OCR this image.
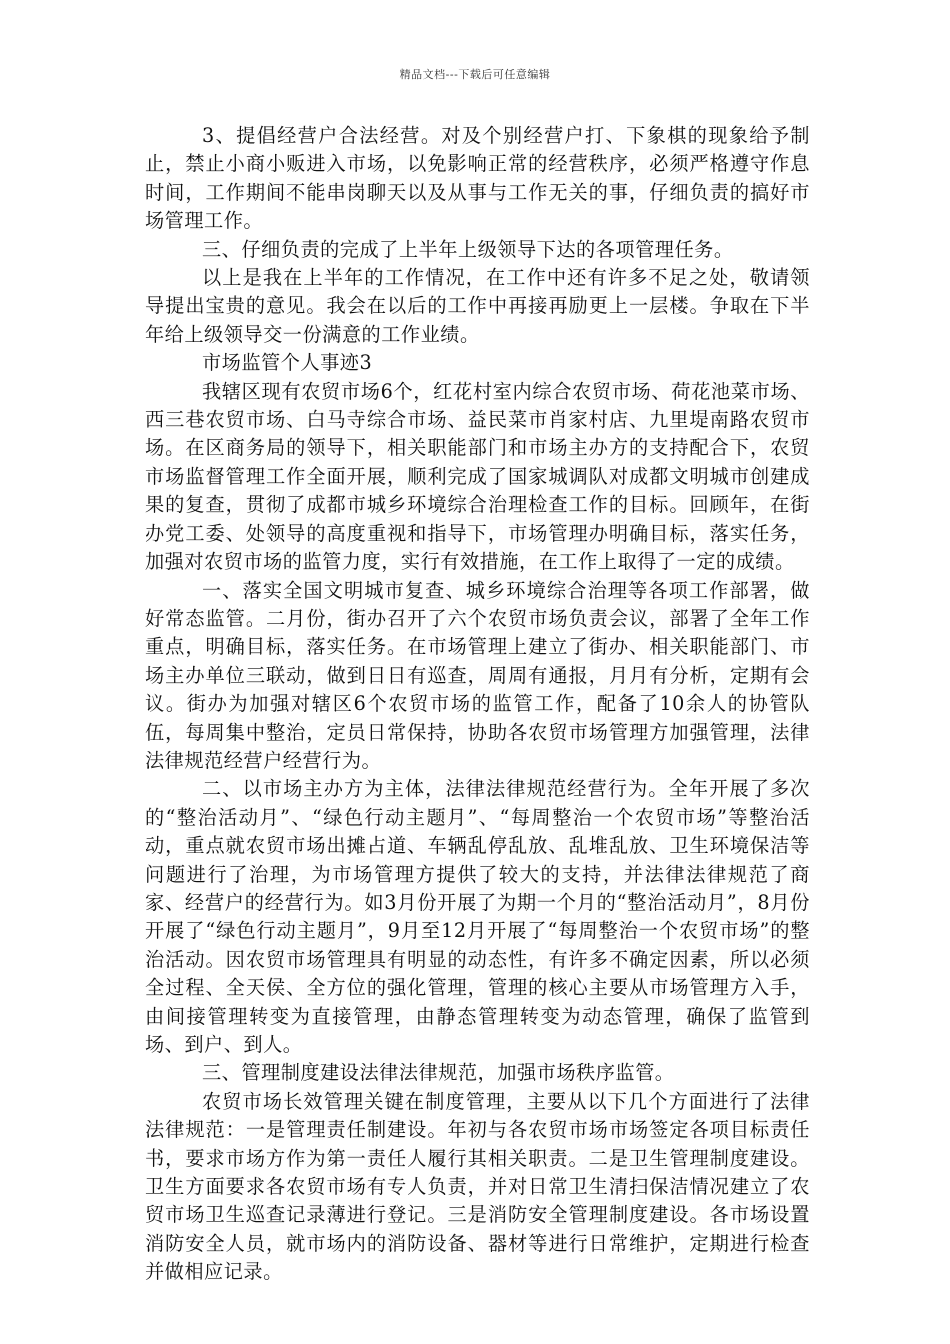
精品文档---下载后可任意编辑

3、提倡经营户合法经营。对及个别经营户打、下象棋的现象给予制止，禁止小商小贩进入市场，以免影响正常的经营秩序，必须严格遵守作息时间，工作期间不能串岗聊天以及从事与工作无关的事，仔细负责的搞好市场管理工作。

三、仔细负责的完成了上半年上级领导下达的各项管理任务。

以上是我在上半年的工作情况，在工作中还有许多不足之处，敬请领导提出宝贵的意见。我会在以后的工作中再接再励更上一层楼。争取在下半年给上级领导交一份满意的工作业绩。

市场监管个人事迹3

我辖区现有农贸市场6个，红花村室内综合农贸市场、荷花池菜市场、西三巷农贸市场、白马寺综合市场、益民菜市肖家村店、九里堤南路农贸市场。在区商务局的领导下，相关职能部门和市场主办方的支持配合下，农贸市场监督管理工作全面开展，顺利完成了国家城调队对成都文明城市创建成果的复查，贯彻了成都市城乡环境综合治理检查工作的目标。回顾年，在街办党工委、处领导的高度重视和指导下，市场管理办明确目标，落实任务，加强对农贸市场的监管力度，实行有效措施，在工作上取得了一定的成绩。

一、落实全国文明城市复查、城乡环境综合治理等各项工作部署，做好常态监管。二月份，街办召开了六个农贸市场负责会议，部署了全年工作重点，明确目标，落实任务。在市场管理上建立了街办、相关职能部门、市场主办单位三联动，做到日日有巡查，周周有通报，月月有分析，定期有会议。街办为加强对辖区6个农贸市场的监管工作，配备了10余人的协管队伍，每周集中整治，定员日常保持，协助各农贸市场管理方加强管理，法律法律规范经营户经营行为。

二、以市场主办方为主体，法律法律规范经营行为。全年开展了多次的“整治活动月”、“绿色行动主题月”、“每周整治一个农贸市场”等整治活动，重点就农贸市场出摊占道、车辆乱停乱放、乱堆乱放、卫生环境保洁等问题进行了治理，为市场管理方提供了较大的支持，并法律法律规范了商家、经营户的经营行为。如3月份开展了为期一个月的“整治活动月”，8月份开展了“绿色行动主题月”，9月至12月开展了“每周整治一个农贸市场”的整治活动。因农贸市场管理具有明显的动态性，有许多不确定因素，所以必须全过程、全天侯、全方位的强化管理，管理的核心主要从市场管理方入手，由间接管理转变为直接管理，由静态管理转变为动态管理，确保了监管到场、到户、到人。

三、管理制度建设法律法律规范，加强市场秩序监管。

农贸市场长效管理关键在制度管理，主要从以下几个方面进行了法律法律规范：一是管理责任制建设。年初与各农贸市场市场签定各项目标责任书，要求市场方作为第一责任人履行其相关职责。二是卫生管理制度建设。卫生方面要求各农贸市场有专人负责，并对日常卫生清扫保洁情况建立了农贸市场卫生巡查记录薄进行登记。三是消防安全管理制度建设。各市场设置消防安全人员，就市场内的消防设备、器材等进行日常维护，定期进行检查并做相应记录。
